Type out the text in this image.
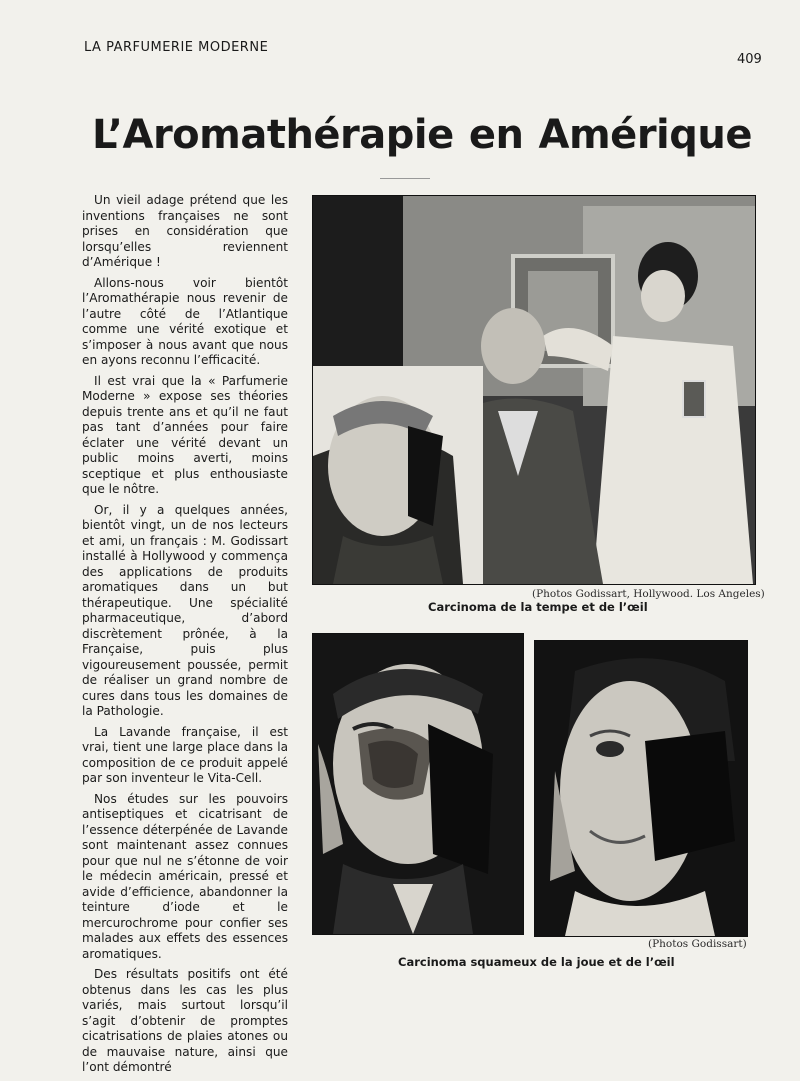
LA PARFUMERIE MODERNE
409
L’Aromathérapie en Amérique

Un vieil adage prétend que les inventions françaises ne sont prises en considération que lorsqu’elles reviennent d’Amérique !

Allons-nous voir bientôt l’Aromathérapie nous revenir de l’autre côté de l’Atlantique comme une vérité exotique et s’imposer à nous avant que nous en ayons reconnu l’efficacité.

Il est vrai que la « Parfumerie Moderne » expose ses théories depuis trente ans et qu’il ne faut pas tant d’années pour faire éclater une vérité devant un public moins averti, moins sceptique et plus enthousiaste que le nôtre.

Or, il y a quelques années, bientôt vingt, un de nos lecteurs et ami, un français : M. Godissart installé à Hollywood y commença des applications de produits aromatiques dans un but thérapeutique. Une spécialité pharmaceutique, d’abord discrètement prônée, à la Française, puis plus vigoureusement poussée, permit de réaliser un grand nombre de cures dans tous les domaines de la Pathologie.

La Lavande française, il est vrai, tient une large place dans la composition de ce produit appelé par son inventeur le Vita-Cell.

Nos études sur les pouvoirs antiseptiques et cicatrisant de l’essence déterpénée de Lavande sont maintenant assez connues pour que nul ne s’étonne de voir le médecin américain, pressé et avide d’efficience, abandonner la teinture d’iode et le mercurochrome pour confier ses malades aux effets des essences aromatiques.

Des résultats positifs ont été obtenus dans les cas les plus variés, mais surtout lorsqu’il s’agit d’obtenir de promptes cicatrisations de plaies atones ou de mauvaise nature, ainsi que l’ont démontré

(Photos Godissart, Hollywood. Los Angeles)
Carcinoma de la tempe et de l’œil
(Photos Godissart)
Carcinoma squameux de la joue et de l’œil
